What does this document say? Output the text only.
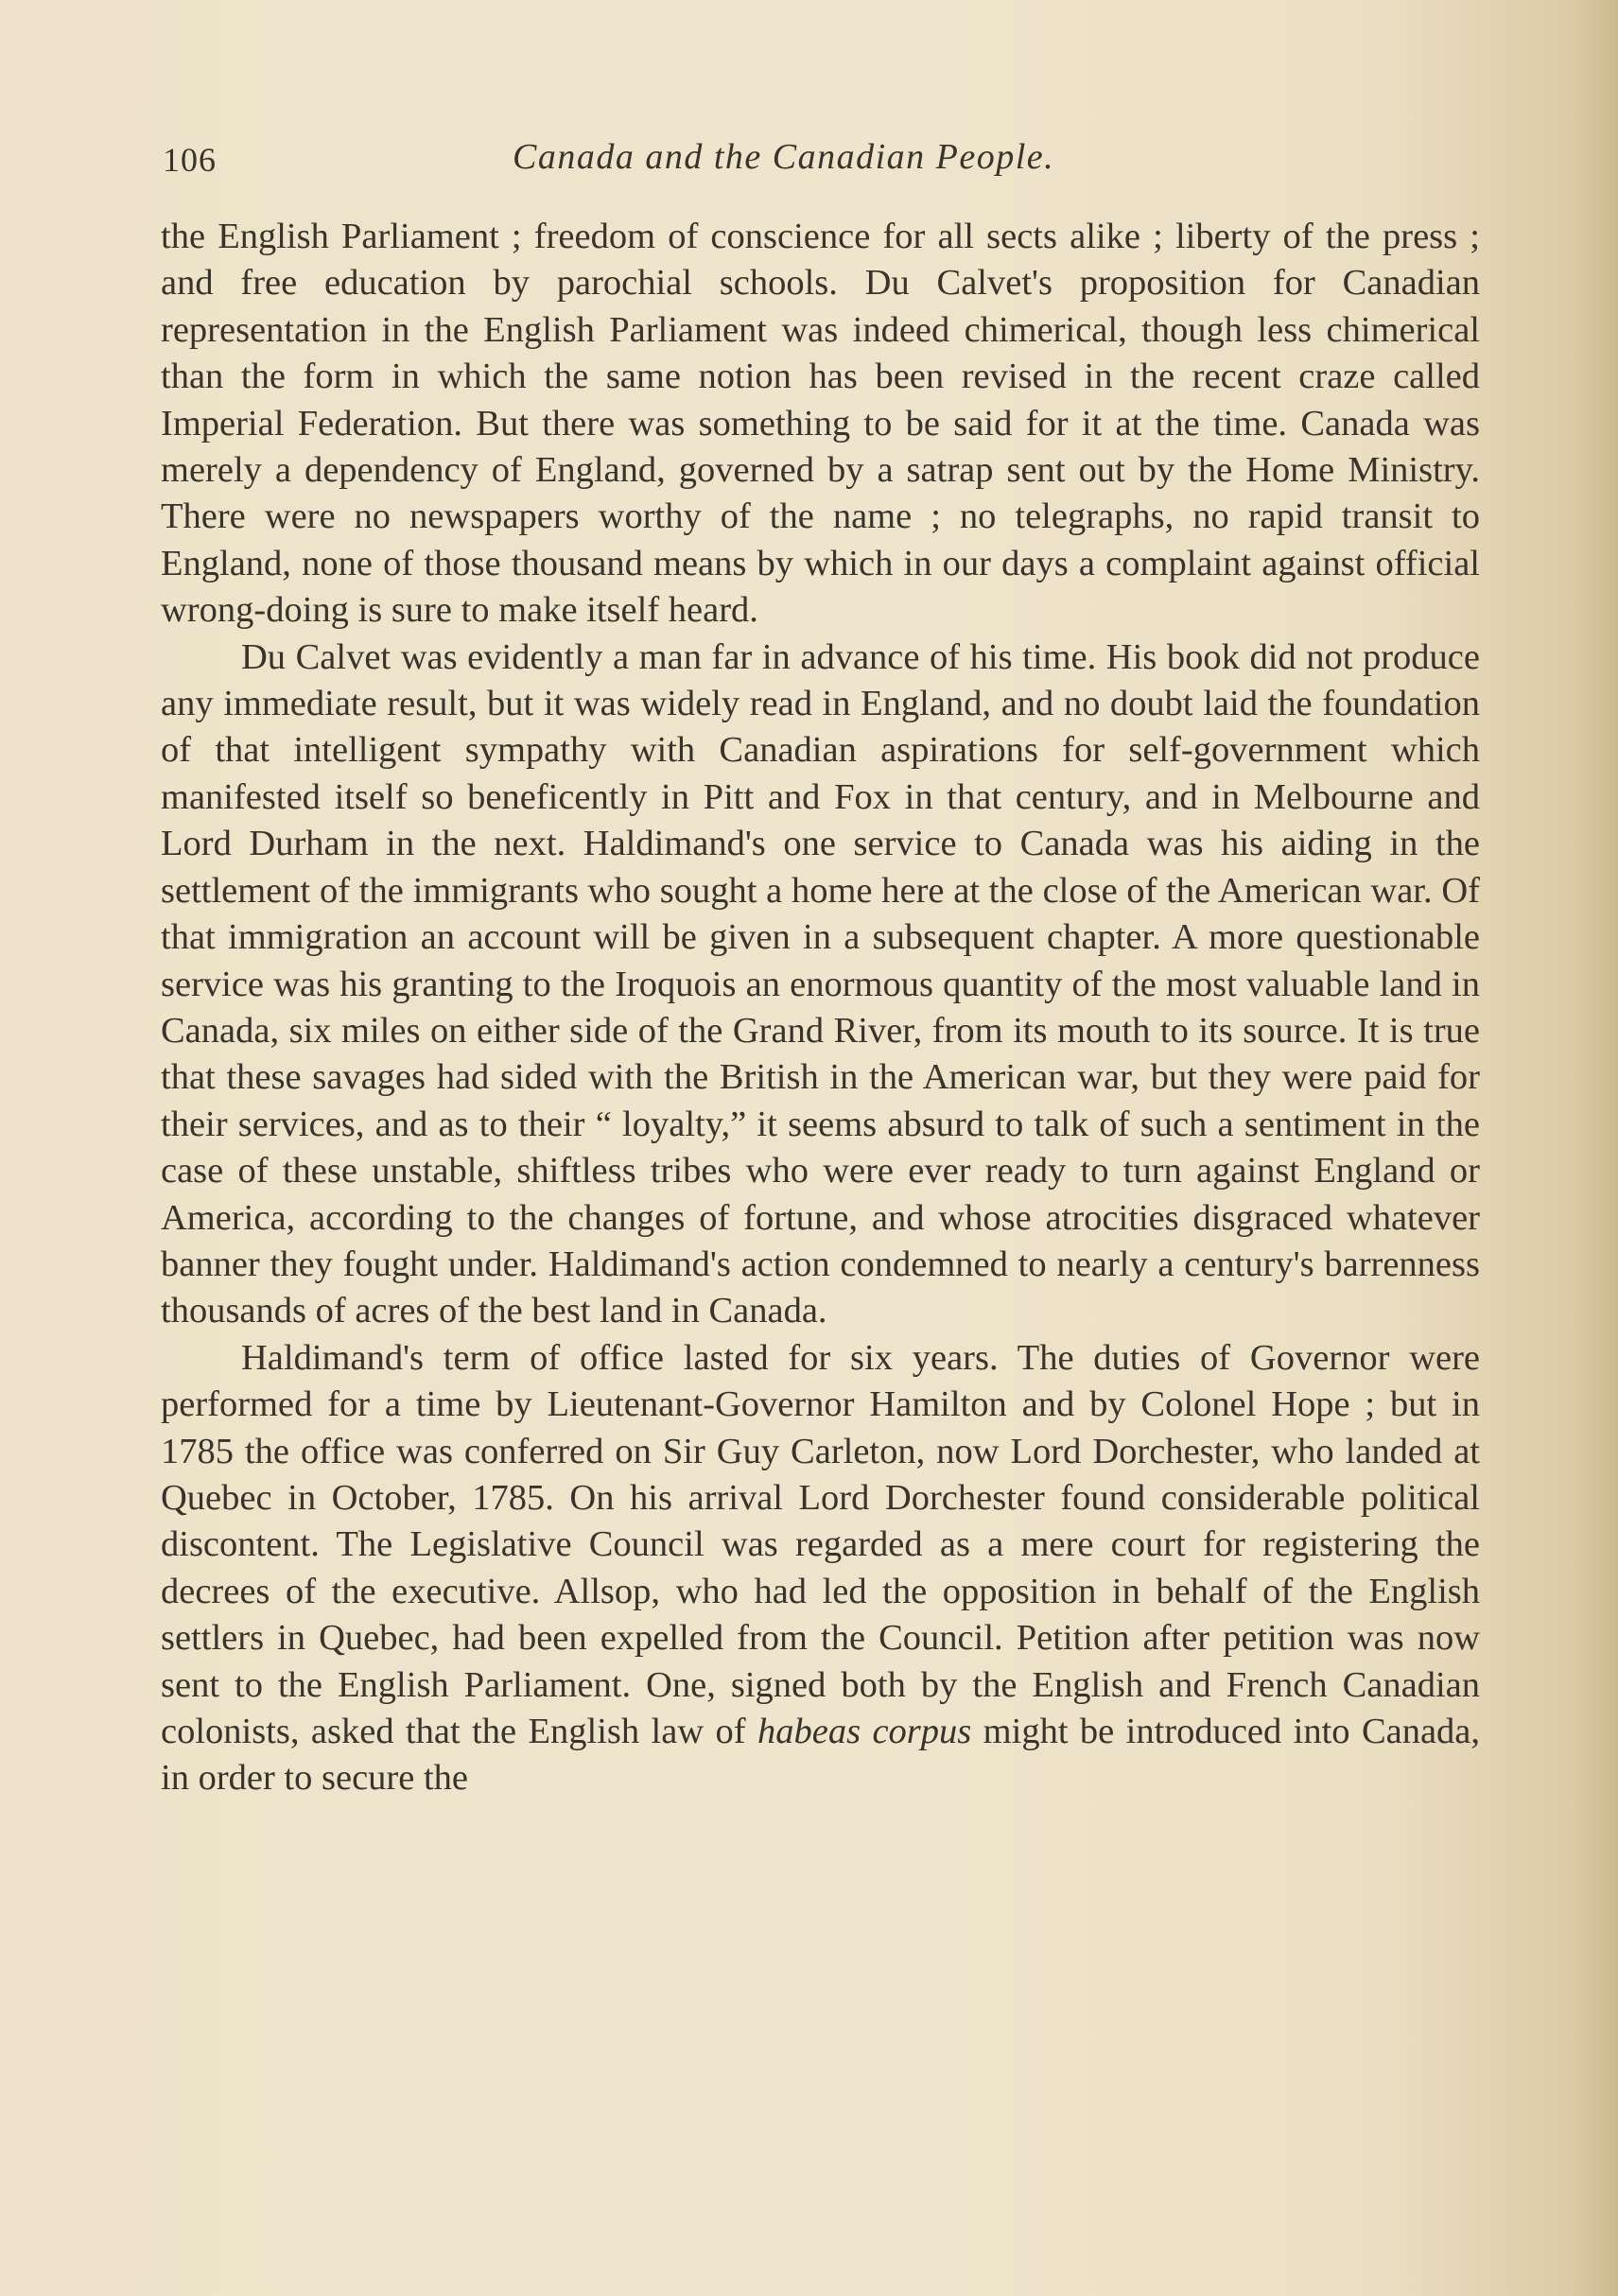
106	Canada and the Canadian People.

the English Parliament ; freedom of conscience for all sects alike ; liberty of the press ; and free education by parochial schools. Du Calvet's proposition for Canadian representation in the English Parliament was indeed chimerical, though less chimerical than the form in which the same notion has been revised in the recent craze called Imperial Federation. But there was something to be said for it at the time. Canada was merely a dependency of England, governed by a satrap sent out by the Home Ministry. There were no newspapers worthy of the name ; no telegraphs, no rapid transit to England, none of those thousand means by which in our days a complaint against official wrong-doing is sure to make itself heard.

Du Calvet was evidently a man far in advance of his time. His book did not produce any immediate result, but it was widely read in England, and no doubt laid the foundation of that intelligent sympathy with Canadian aspirations for self-government which manifested itself so beneficently in Pitt and Fox in that century, and in Melbourne and Lord Durham in the next. Haldimand's one service to Canada was his aiding in the settlement of the immigrants who sought a home here at the close of the American war. Of that immigration an account will be given in a subsequent chapter. A more questionable service was his granting to the Iroquois an enormous quantity of the most valuable land in Canada, six miles on either side of the Grand River, from its mouth to its source. It is true that these savages had sided with the British in the American war, but they were paid for their services, and as to their “ loyalty,” it seems absurd to talk of such a sentiment in the case of these unstable, shiftless tribes who were ever ready to turn against England or America, according to the changes of fortune, and whose atrocities disgraced whatever banner they fought under. Haldimand's action condemned to nearly a century's barrenness thousands of acres of the best land in Canada.

Haldimand's term of office lasted for six years. The duties of Governor were performed for a time by Lieutenant-Governor Hamilton and by Colonel Hope ; but in 1785 the office was conferred on Sir Guy Carleton, now Lord Dorchester, who landed at Quebec in October, 1785. On his arrival Lord Dorchester found considerable political discontent. The Legislative Council was regarded as a mere court for registering the decrees of the executive. Allsop, who had led the opposition in behalf of the English settlers in Quebec, had been expelled from the Council. Petition after petition was now sent to the English Parliament. One, signed both by the English and French Canadian colonists, asked that the English law of habeas corpus might be introduced into Canada, in order to secure the
